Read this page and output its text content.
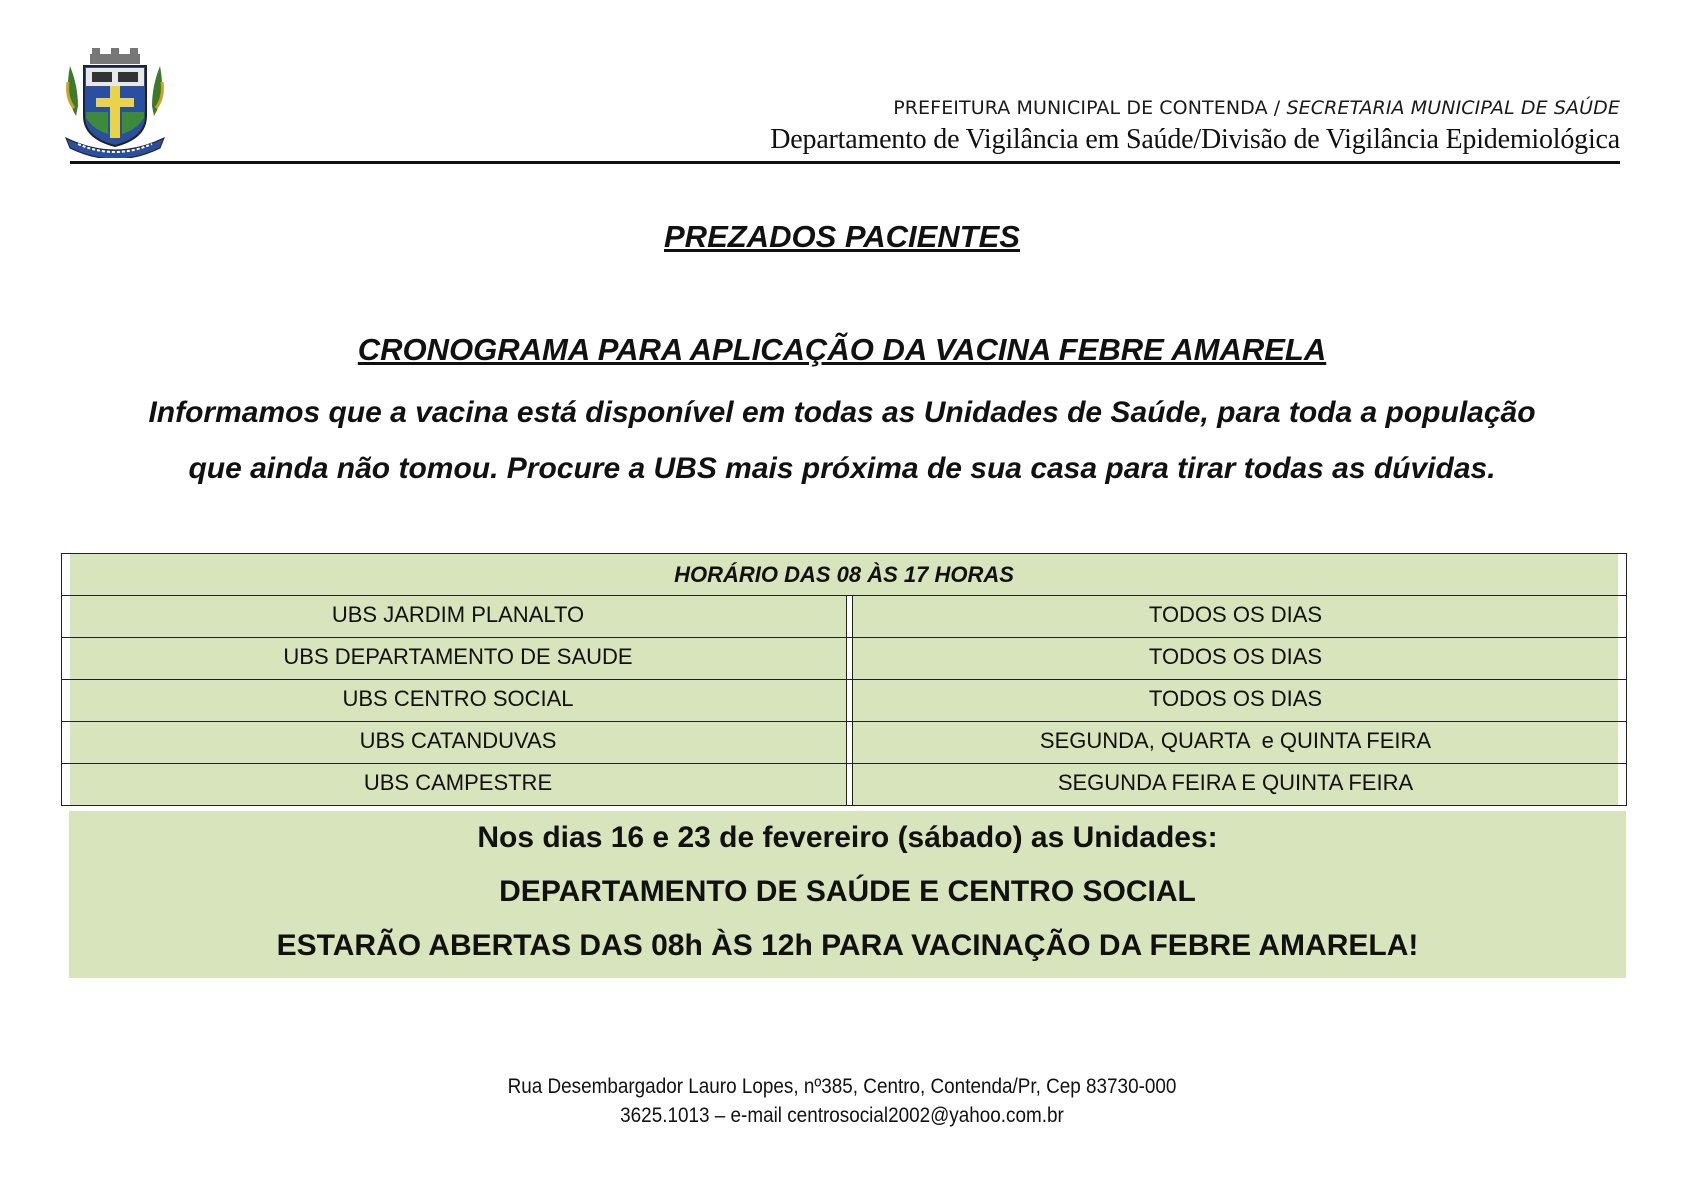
PREFEITURA MUNICIPAL DE CONTENDA / SECRETARIA MUNICIPAL DE SAÚDE
Departamento de Vigilância em Saúde/Divisão de Vigilância Epidemiológica
PREZADOS PACIENTES
CRONOGRAMA PARA APLICAÇÃO DA VACINA FEBRE AMARELA
Informamos que a vacina está disponível em todas as Unidades de Saúde, para toda a população
que ainda não tomou. Procure a UBS mais próxima de sua casa para tirar todas as dúvidas.
HORÁRIO DAS 08 ÀS 17 HORAS
UBS JARDIM PLANALTO	TODOS OS DIAS
UBS DEPARTAMENTO DE SAUDE	TODOS OS DIAS
UBS CENTRO SOCIAL	TODOS OS DIAS
UBS CATANDUVAS	SEGUNDA, QUARTA  e QUINTA FEIRA
UBS CAMPESTRE	SEGUNDA FEIRA E QUINTA FEIRA
Nos dias 16 e 23 de fevereiro (sábado) as Unidades:
DEPARTAMENTO DE SAÚDE E CENTRO SOCIAL
ESTARÃO ABERTAS DAS 08h ÀS 12h PARA VACINAÇÃO DA FEBRE AMARELA!
Rua Desembargador Lauro Lopes, nº385, Centro, Contenda/Pr, Cep 83730-000
3625.1013 – e-mail centrosocial2002@yahoo.com.br
